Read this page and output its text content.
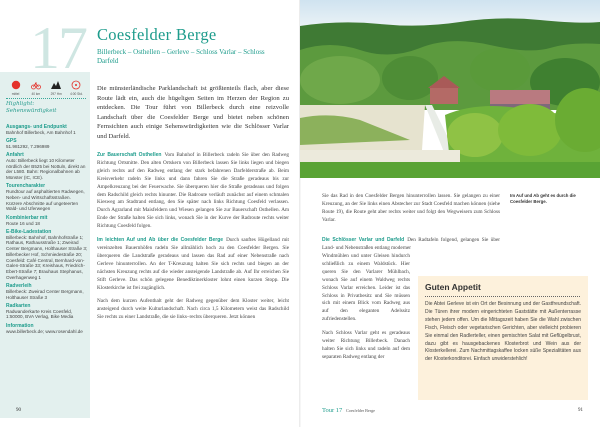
17
mittel	40 km	297 Hm	4:00 Std.
Highlight: Sehenswürdigkeit
Ausgangs- und Endpunkt

Bahnhof Billerbeck, Am Bahnhof 1

GPS

51.981292, 7.296989

Anfahrt

Auto: Billerbeck liegt 10 Kilometer nördlich der B525 bei Nottuln, direkt an der L580. Bahn: Regionalbahnen ab Münster (IC, ICE).

Tourencharakter

Rundtour auf asphaltierten Radwegen, Neben- und Wirtschaftsstraßen. Kürzere Abschnitte auf ungeteerten Wald- und Uferwegen

Kombinierbar mit

Route 16 und 18

E-Bike-Ladestation

Billerbeck: Bahnhof, Bahnhofstraße 1; Rathaus, Rathausstraße 1; Zweirad Center Bergmann, Holthauser Straße 3; Billerbecker Hof, Schmiedestraße 20; Coesfeld: Café Central, Bernhard-von-Galen-Straße 33; Kreishaus, Friedrich-Ebert-Straße 7; Brauhaus Stephanus, Overhagenweg 1

Radverleih

Billerbeck: Zweirad Center Bergmann, Holthauser Straße 3

Radkarten

Radwanderkarte Kreis Coesfeld, 1:50000, BVA Verlag, Bike Media

Information

www.billerbeck.de; www.rosendahl.de

Coesfelder Berge
Billerbeck – Osthellen – Gerleve – Schloss Varlar – Schloss Darfeld
Die münsterländische Parklandschaft ist größtenteils flach, aber diese Route lädt ein, auch die hügeligen Seiten im Herzen der Region zu entdecken. Die Tour führt von Billerbeck durch eine reizvolle Landschaft über die Coesfelder Berge und bietet neben schönen Fernsichten auch einige Sehenswürdigkeiten wie die Schlösser Varlar und Darfeld.

Zur Bauerschaft Osthellen Vom Bahnhof in Billerbeck radeln Sie über den Radweg Richtung Ortsmitte. Den alten Ortskern von Billerbeck lassen Sie links liegen und biegen gleich rechts auf den Radweg entlang der stark befahrenen Darfelderstraße ab. Beim Kreisverkehr radeln Sie links und dann fahren Sie die Straße geradeaus bis zur Ampelkreuzung bei der Feuerwache. Sie überqueren hier die Straße geradeaus und folgen dem Radschild gleich rechts hinunter. Die Radroute verläuft zunächst auf einem schmalen Kiesweg am Stadtrand entlang, den Sie später nach links Richtung Coesfeld verlassen. Durch Agrarland mit Maisfeldern und Wiesen gelangen Sie zur Bauerschaft Osthellen. Am Ende der Straße halten Sie sich links, wonach Sie in der Kurve der Radroute rechts weiter Richtung Coesfeld folgen.

Im leichten Auf und Ab über die Coesfelder Berge Durch sanftes Hügelland mit vereinzelten Bauernhöfen radeln Sie allmählich hoch zu den Coesfelder Bergen. Sie überqueren die Landstraße geradeaus und lassen das Rad auf einer Nebenstraße nach Gerleve hinunterrollen. An der T-Kreuzung halten Sie sich rechts und biegen an der nächsten Kreuzung rechts auf die wieder ansteigende Landstraße ab. Auf Ihr erreichen Sie Stift Gerleve. Das schön gelegene Benediktinerkloster lohnt einen kurzen Stopp. Die Klosterkirche ist frei zugänglich.

Nach dem kurzen Aufenthalt geht der Radweg gegenüber dem Kloster weiter, leicht ansteigend durch weite Kulturlandschaft. Nach circa 1,5 Kilometern weist das Radschild Sie rechts zu einer Landstraße, die sie links–rechts überqueren. Jetzt können

90
Sie das Rad in den Coesfelder Bergen hinunterrollen lassen. Sie gelangen zu einer Kreuzung, an der Sie links einen Abstecher zur Stadt Coesfeld machen können (siehe Route 19), die Route geht aber rechts weiter und folgt den Wegweisern zum Schloss Varlar.
Im Auf und Ab geht es durch die Coesfelder Berge.
Die Schlösser Varlar und Darfeld Den Radtafeln folgend, gelangen Sie über Land- und Nebenstraßen entlang moderner

Windmühlen und unter Gleisen hindurch schließlich zu einem Waldstück. Hier queren Sie den Varlarer Mühlbach, wonach Sie auf einem Waldweg rechts Schloss Varlar erreichen. Leider ist das Schloss in Privatbesitz und Sie müssen sich mit einem Blick vom Radweg aus auf den eleganten Adelssitz zufriedenstellen.

Nach Schloss Varlar geht es geradeaus weiter Richtung Billerbeck. Danach halten Sie sich links und radeln auf dem separaten Radweg entlang der

Guten Appetit

Die Abtei Gerleve ist ein Ort der Besinnung und der Gastfreundschaft. Die Türen ihrer modern eingerichteten Gaststätte mit Außenterrasse stehen jedem offen. Um die Mittagszeit haben Sie die Wahl zwischen Fisch, Fleisch oder vegetarischen Gerichten, aber vielleicht probieren Sie einmal den Radlerteller, einen gemischten Salat mit Geflügelbrust, dazu gibt es hausgebackenes Klosterbrot und Wein aus der Klosterkellerei. Zum Nachmittagskaffee locken süße Spezialitäten aus der Klosterkonditorei. Einfach unwiderstehlich!

Tour 17 Coesfelder Berge	91
